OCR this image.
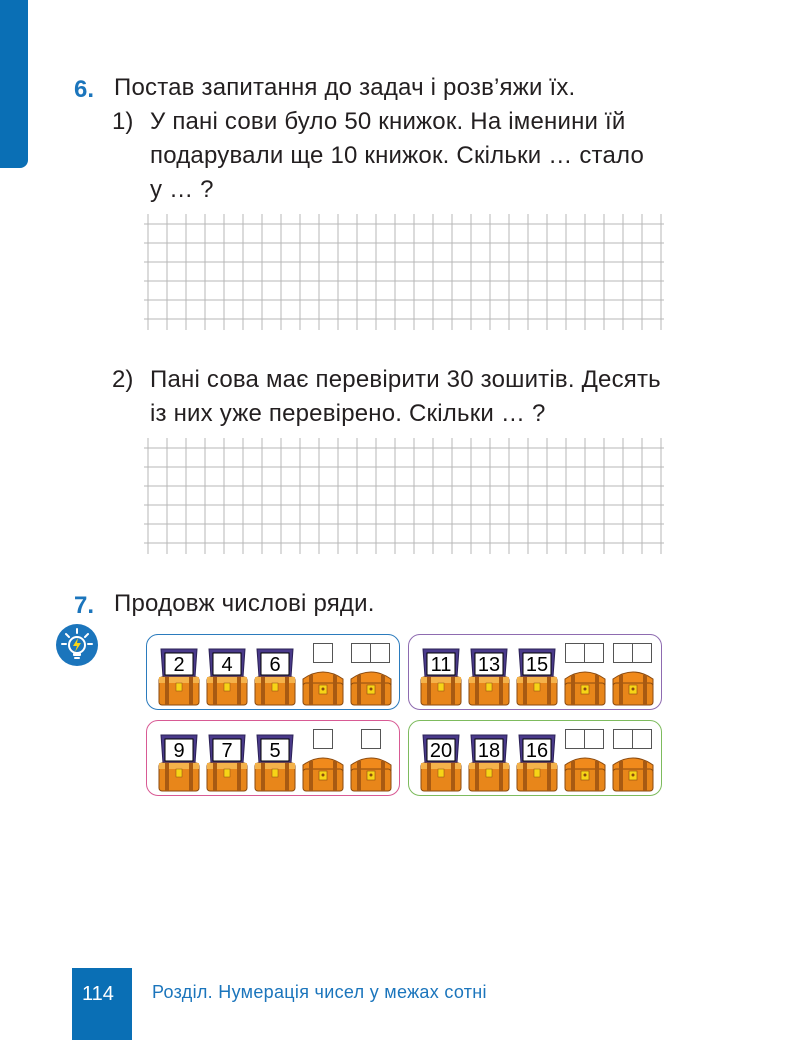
6. Постав запитання до задач і розв’яжи їх.
1) У пані сови було 50 книжок. На іменини їй
подарували ще 10 книжок. Скільки … стало
у … ?
2) Пані сова має перевірити 30 зошитів. Десять
із них уже перевірено. Скільки … ?
7. Продовж числові ряди.
2 4 6	11 13 15
9 7 5	20 18 16
114 Розділ. Нумерація чисел у межах сотні
